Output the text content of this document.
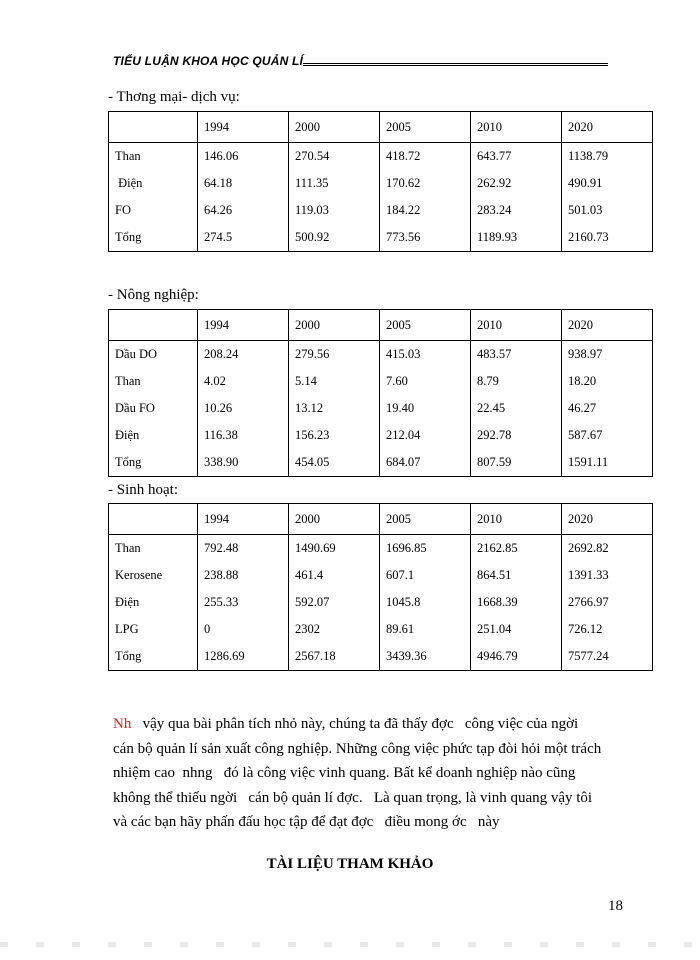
TIỂU LUẬN KHOA HỌC QUẢN LÍ
- Thơng mại- dịch vụ:
	1994	2000	2005	2010	2020
Than	146.06	270.54	418.72	643.77	1138.79
Điện	64.18	111.35	170.62	262.92	490.91
FO	64.26	119.03	184.22	283.24	501.03
Tổng	274.5	500.92	773.56	1189.93	2160.73
- Nông nghiệp:
	1994	2000	2005	2010	2020
Dầu DO	208.24	279.56	415.03	483.57	938.97
Than	4.02	5.14	7.60	8.79	18.20
Dầu FO	10.26	13.12	19.40	22.45	46.27
Điện	116.38	156.23	212.04	292.78	587.67
Tổng	338.90	454.05	684.07	807.59	1591.11
- Sinh hoạt:
	1994	2000	2005	2010	2020
Than	792.48	1490.69	1696.85	2162.85	2692.82
Kerosene	238.88	461.4	607.1	864.51	1391.33
Điện	255.33	592.07	1045.8	1668.39	2766.97
LPG	0	2302	89.61	251.04	726.12
Tổng	1286.69	2567.18	3439.36	4946.79	7577.24

Nh   vậy qua bài phân tích nhỏ này, chúng ta đã thấy đợc   công việc của ngời

cán bộ quản lí sản xuất công nghiệp. Những công việc phức tạp đòi hỏi một trách

nhiệm cao  nhng   đó là công việc vinh quang. Bất kể doanh nghiệp nào cũng

không thể thiếu ngời   cán bộ quản lí đợc.   Là quan trọng, là vinh quang vậy tôi

và các bạn hãy phấn đấu học tập để đạt đợc   điều mong ớc   này

TÀI LIỆU THAM KHẢO
18
